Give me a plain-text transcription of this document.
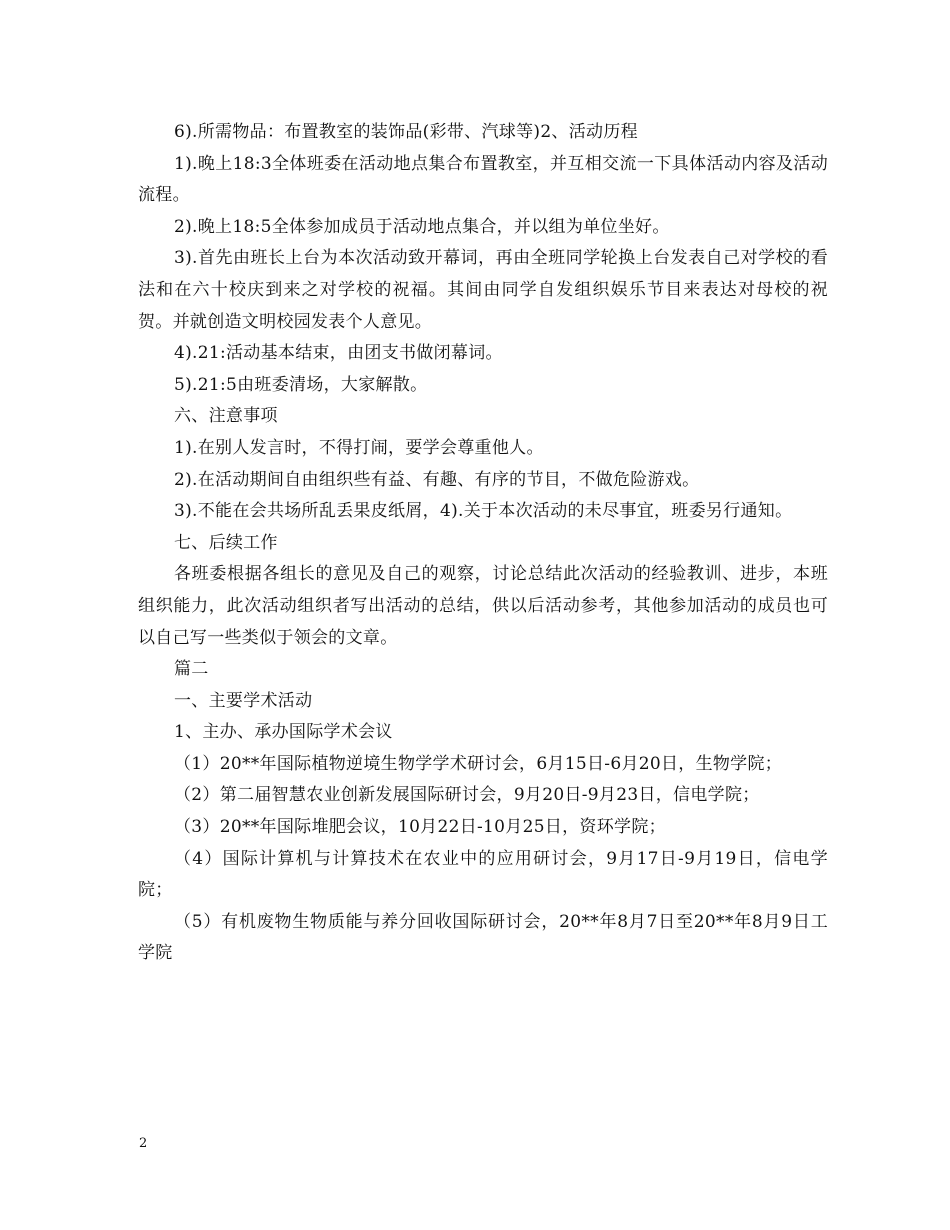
6).所需物品：布置教室的装饰品(彩带、汽球等)2、活动历程

1).晚上18:3全体班委在活动地点集合布置教室，并互相交流一下具体活动内容及活动流程。

2).晚上18:5全体参加成员于活动地点集合，并以组为单位坐好。

3).首先由班长上台为本次活动致开幕词，再由全班同学轮换上台发表自己对学校的看法和在六十校庆到来之对学校的祝福。其间由同学自发组织娱乐节目来表达对母校的祝贺。并就创造文明校园发表个人意见。

4).21:活动基本结束，由团支书做闭幕词。

5).21:5由班委清场，大家解散。

六、注意事项

1).在别人发言时，不得打闹，要学会尊重他人。

2).在活动期间自由组织些有益、有趣、有序的节目，不做危险游戏。

3).不能在会共场所乱丢果皮纸屑，4).关于本次活动的未尽事宜，班委另行通知。

七、后续工作

各班委根据各组长的意见及自己的观察，讨论总结此次活动的经验教训、进步，本班组织能力，此次活动组织者写出活动的总结，供以后活动参考，其他参加活动的成员也可以自己写一些类似于领会的文章。

篇二

一、主要学术活动

1、主办、承办国际学术会议

（1）20**年国际植物逆境生物学学术研讨会，6月15日-6月20日，生物学院；

（2）第二届智慧农业创新发展国际研讨会，9月20日-9月23日，信电学院；

（3）20**年国际堆肥会议，10月22日-10月25日，资环学院；

（4）国际计算机与计算技术在农业中的应用研讨会，9月17日-9月19日，信电学院；

（5）有机废物生物质能与养分回收国际研讨会，20**年8月7日至20**年8月9日工学院

2
